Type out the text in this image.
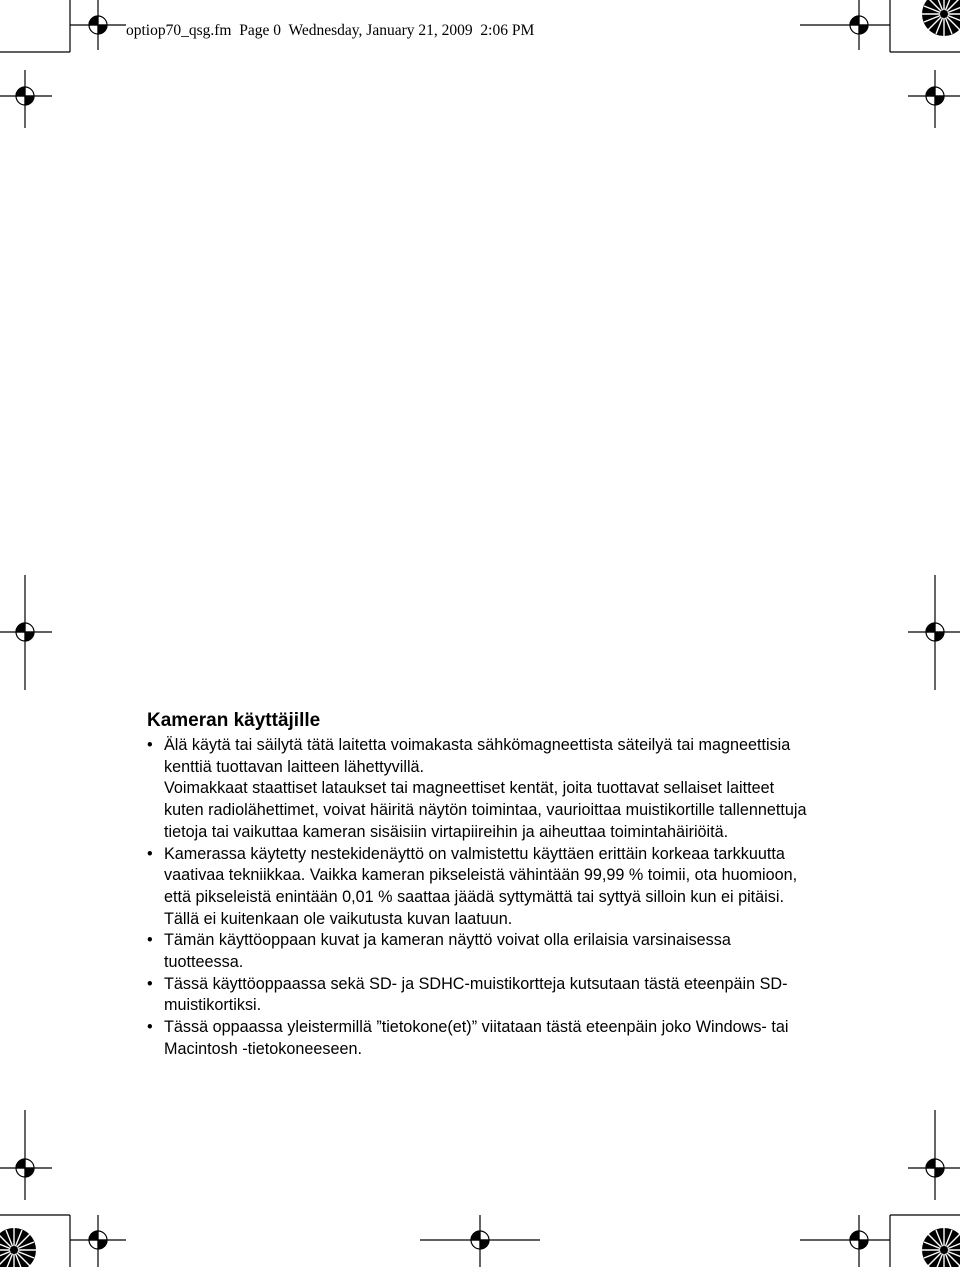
optiop70_qsg.fm Page 0 Wednesday, January 21, 2009 2:06 PM
Kameran käyttäjille
• Älä käytä tai säilytä tätä laitetta voimakasta sähkömagneettista säteilyä tai magneettisia kenttiä tuottavan laitteen lähettyvillä.

Voimakkaat staattiset lataukset tai magneettiset kentät, joita tuottavat sellaiset laitteet kuten radiolähettimet, voivat häiritä näytön toimintaa, vaurioittaa muistikortille tallennettuja tietoja tai vaikuttaa kameran sisäisiin virtapiireihin ja aiheuttaa toimintahäiriöitä.

• Kamerassa käytetty nestekidenäyttö on valmistettu käyttäen erittäin korkeaa tarkkuutta vaativaa tekniikkaa. Vaikka kameran pikseleistä vähintään 99,99 % toimii, ota huomioon, että pikseleistä enintään 0,01 % saattaa jäädä syttymättä tai syttyä silloin kun ei pitäisi. Tällä ei kuitenkaan ole vaikutusta kuvan laatuun.

• Tämän käyttöoppaan kuvat ja kameran näyttö voivat olla erilaisia varsinaisessa tuotteessa.

• Tässä käyttöoppaassa sekä SD- ja SDHC-muistikortteja kutsutaan tästä eteenpäin SD-muistikortiksi.

• Tässä oppaassa yleistermillä ”tietokone(et)” viitataan tästä eteenpäin joko Windows- tai Macintosh -tietokoneeseen.
